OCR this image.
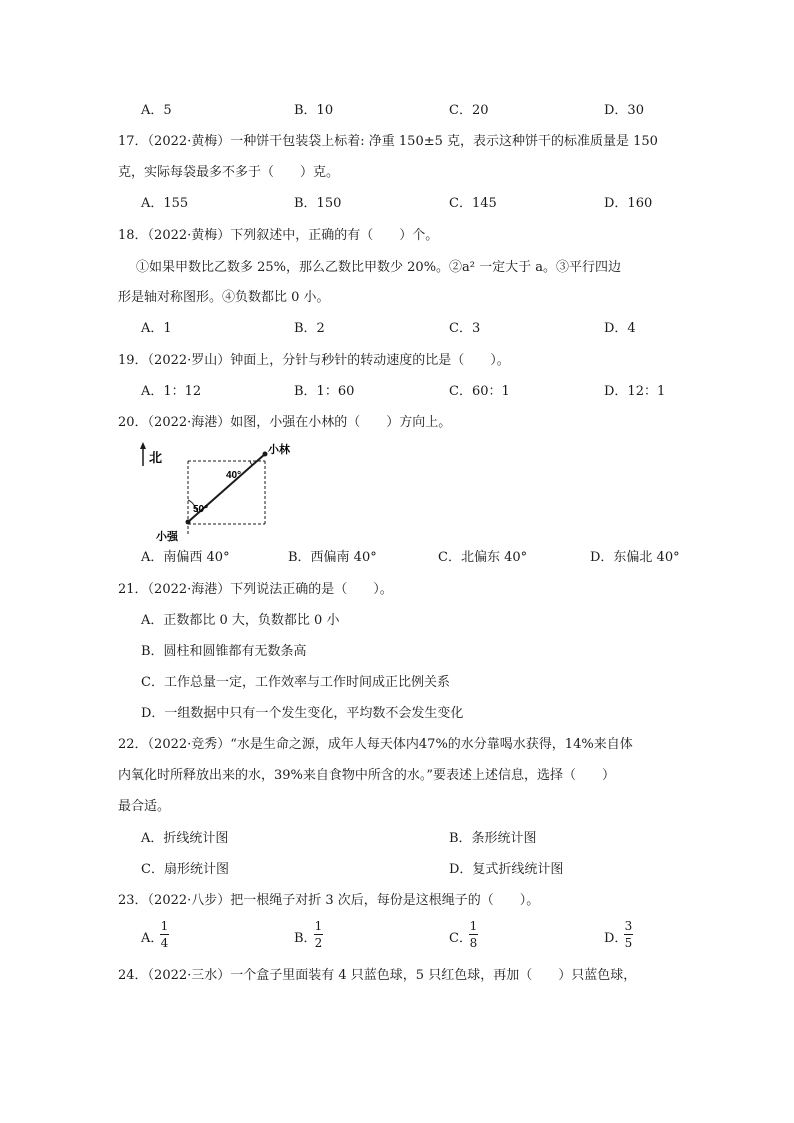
A．5	B．10	C．20	D．30
17．（2022·黄梅）一种饼干包装袋上标着: 净重 150±5 克，表示这种饼干的标准质量是 150
克，实际每袋最多不多于（　　）克。
A．155	B．150	C．145	D．160
18．（2022·黄梅）下列叙述中，正确的有（　　）个。
①如果甲数比乙数多 25%，那么乙数比甲数少 20%。②a² 一定大于 a。③平行四边
形是轴对称图形。④负数都比 0 小。
A．1	B．2	C．3	D．4
19．（2022·罗山）钟面上，分针与秒针的转动速度的比是（　　）。
A．1：12	B．1：60	C．60：1	D．12：1
20．（2022·海港）如图，小强在小林的（　　）方向上。
北	小林
小强
40°
50°
A．南偏西 40°	B．西偏南 40°	C．北偏东 40°	D．东偏北 40°
21．（2022·海港）下列说法正确的是（　　）。
A．正数都比 0 大，负数都比 0 小
B．圆柱和圆锥都有无数条高
C．工作总量一定，工作效率与工作时间成正比例关系
D．一组数据中只有一个发生变化，平均数不会发生变化
22．（2022·竞秀）“水是生命之源，成年人每天体内47%的水分靠喝水获得，14%来自体
内氧化时所释放出来的水，39%来自食物中所含的水。”要表述上述信息，选择（　　）
最合适。
A．折线统计图	B．条形统计图
C．扇形统计图	D．复式折线统计图
23．（2022·八步）把一根绳子对折 3 次后，每份是这根绳子的（　　）。
A．
1
4	B．
1
2	C．
1
8	D．
3
5
24．（2022·三水）一个盒子里面装有 4 只蓝色球，5 只红色球，再加（　　）只蓝色球，
